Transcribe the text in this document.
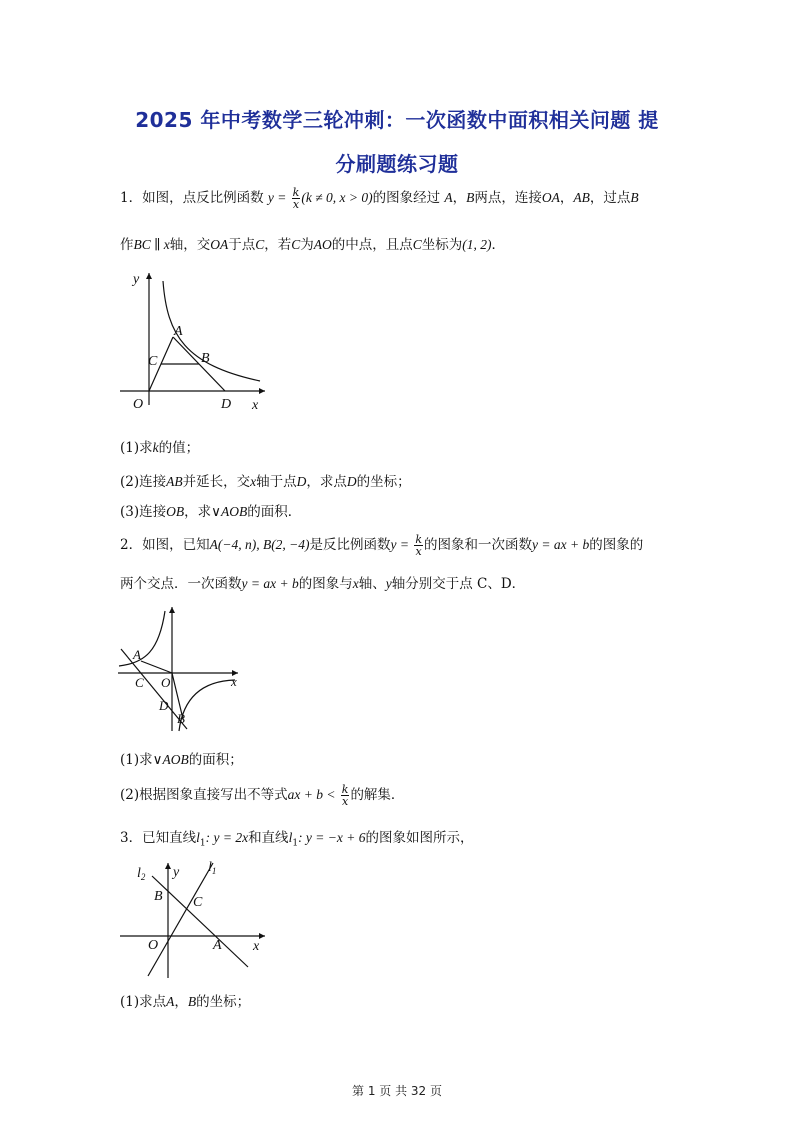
2025 年中考数学三轮冲刺：一次函数中面积相关问题 提
分刷题练习题
1．如图，点反比例函数 $y = \frac{k}{x} (k \ne 0$, x > 0)的图象经过 A，B两点，连接OA，AB，过点B
作BC ∥ x轴，交OA于点C，若C为AO的中点，且点C坐标为(1, 2)．
y
x
O
A
B
C
D
(1)求k的值；
(2)连接AB并延长，交x轴于点D，求点D的坐标；
(3)连接OB，求∨AOB的面积．
2．如图，已知A(−4, n), B(2, −4)是反比例函数$y = \frac{k}{x}$ 的图象和一次函数y = ax + b的图象的
两个交点．一次函数y = ax + b的图象与x轴、y轴分别交于点 C、D．
A
C O	x
D
B
(1)求∨AOB的面积；
(2)根据图象直接写出不等式ax + $b < \frac{k}{x}$ 的解集．
3．已知直线$l_1$: y = 2x和直线$l_1$: y = −x + 6的图象如图所示，
$l_2$
$l_1$
y
B C
O	A x
(1)求点A，B的坐标；
第 1 页 共 32 页
